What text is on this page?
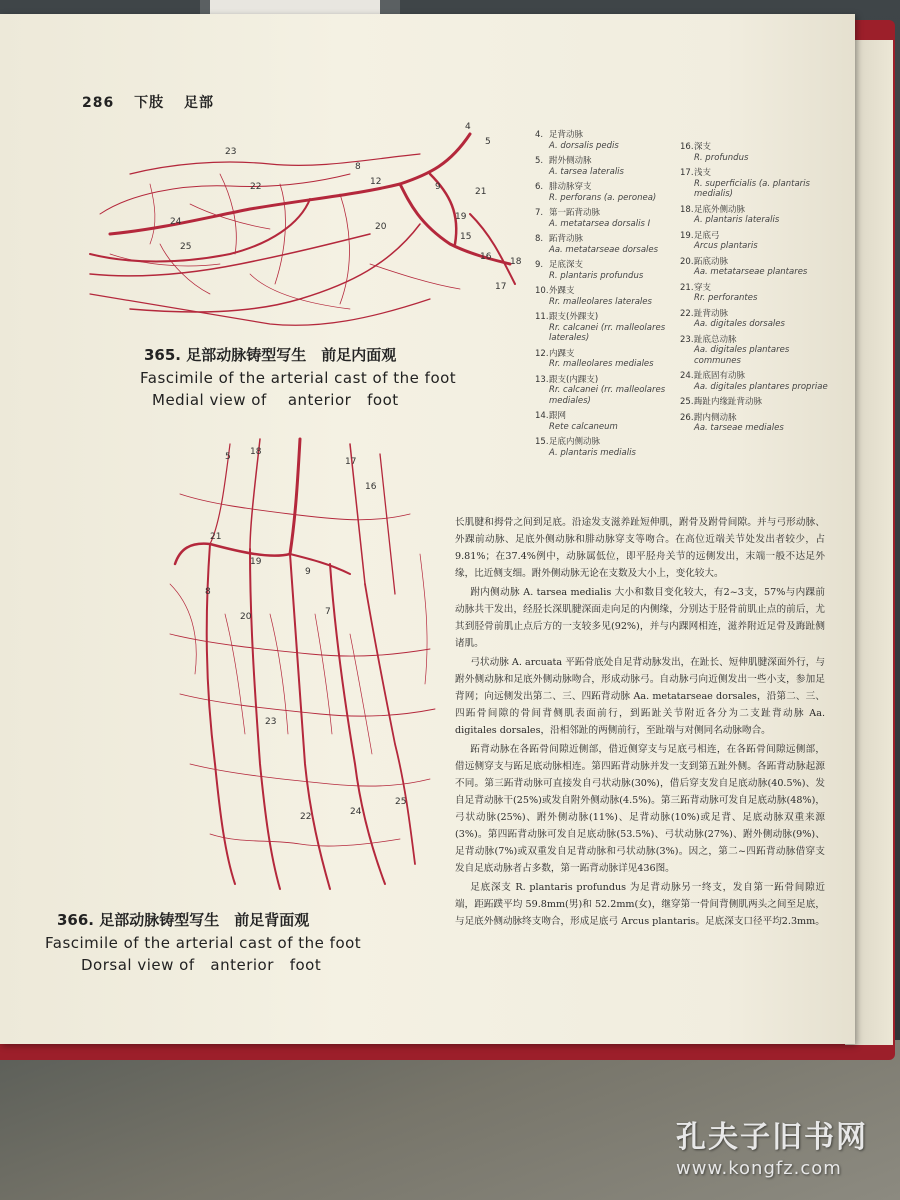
286 下肢 足部
4
5
8
9
12
15
16
17
18
19
20
21
22
23
24
25
365. 足部动脉铸型写生　前足内面观
Fascimile of the arterial cast of the foot
Medial view of    anterior   foot
4. 足背动脉
A. dorsalis pedis
5. 跗外侧动脉
A. tarsea lateralis
6. 腓动脉穿支
R. perforans (a. peronea)
7. 第一跖背动脉
A. metatarsea dorsalis I
8. 跖背动脉
Aa. metatarseae dorsales
9. 足底深支
R. plantaris profundus
10.外踝支
Rr. malleolares laterales
11.跟支(外踝支)
Rr. calcanei (rr. malleolares laterales)
12.内踝支
Rr. malleolares mediales
13.跟支(内踝支)
Rr. calcanei (rr. malleolares mediales)
14.跟网
Rete calcaneum
15.足底内侧动脉
A. plantaris medialis
16.深支
R. profundus
17.浅支
R. superficialis (a. plantaris medialis)
18.足底外侧动脉
A. plantaris lateralis
19.足底弓
Arcus plantaris
20.跖底动脉
Aa. metatarseae plantares
21.穿支
Rr. perforantes
22.趾背动脉
Aa. digitales dorsales
23.趾底总动脉
Aa. digitales plantares communes
24.趾底固有动脉
Aa. digitales plantares propriae
25.踇趾内缘趾背动脉
26.跗内侧动脉
Aa. tarseae mediales
5 18
17
16
21
19
9
8
20	7
23
22	24
25
366. 足部动脉铸型写生　前足背面观
Fascimile of the arterial cast of the foot
Dorsal view of   anterior   foot

长肌腱和拇骨之间到足底。沿途发支滋养趾短伸肌，跗骨及跗骨间隙。并与弓形动脉、外踝前动脉、足底外侧动脉和腓动脉穿支等吻合。在高位近端关节处发出者较少，占9.81%；在37.4%例中，动脉属低位，即平胫舟关节的远侧发出，末端一般不达足外缘，比近侧支细。跗外侧动脉无论在支数及大小上，变化较大。

跗内侧动脉 A. tarsea medialis 大小和数目变化较大，有2~3支，57%与内踝前动脉共干发出，经胫长深肌腱深面走向足的内侧缘，分别达于胫骨前肌止点的前后，尤其到胫骨前肌止点后方的一支较多见(92%)，并与内踝网相连，滋养附近足骨及踇趾侧诸肌。

弓状动脉 A. arcuata 平跖骨底处自足背动脉发出，在趾长、短伸肌腱深面外行，与跗外侧动脉和足底外侧动脉吻合，形成动脉弓。自动脉弓向近侧发出一些小支，参加足背网；向远侧发出第二、三、四跖背动脉 Aa. metatarseae dorsales，沿第二、三、四跖骨间隙的骨间背侧肌表面前行，到跖趾关节附近各分为二支趾背动脉 Aa. digitales dorsales，沿相邻趾的两侧前行，至趾端与对侧同名动脉吻合。

跖背动脉在各跖骨间隙近侧部，借近侧穿支与足底弓相连，在各跖骨间隙远侧部，借远侧穿支与跖足底动脉相连。第四跖背动脉并发一支到第五趾外侧。各跖背动脉起源不同。第三跖背动脉可直接发自弓状动脉(30%)，借后穿支发自足底动脉(40.5%)、发自足背动脉干(25%)或发自附外侧动脉(4.5%)。第三跖背动脉可发自足底动脉(48%)，弓状动脉(25%)、跗外侧动脉(11%)、足背动脉(10%)或足背、足底动脉双重来源(3%)。第四跖背动脉可发自足底动脉(53.5%)、弓状动脉(27%)、跗外侧动脉(9%)、足背动脉(7%)或双重发自足背动脉和弓状动脉(3%)。因之，第二~四跖背动脉借穿支发自足底动脉者占多数，第一跖背动脉详见436图。

足底深支 R. plantaris profundus 为足背动脉另一终支，发自第一跖骨间隙近端，距跖蹼平均 59.8mm(男)和 52.2mm(女)，继穿第一骨间背侧肌两头之间至足底，与足底外侧动脉终支吻合，形成足底弓 Arcus plantaris。足底深支口径平均2.3mm。

孔夫子旧书网
www.kongfz.com
